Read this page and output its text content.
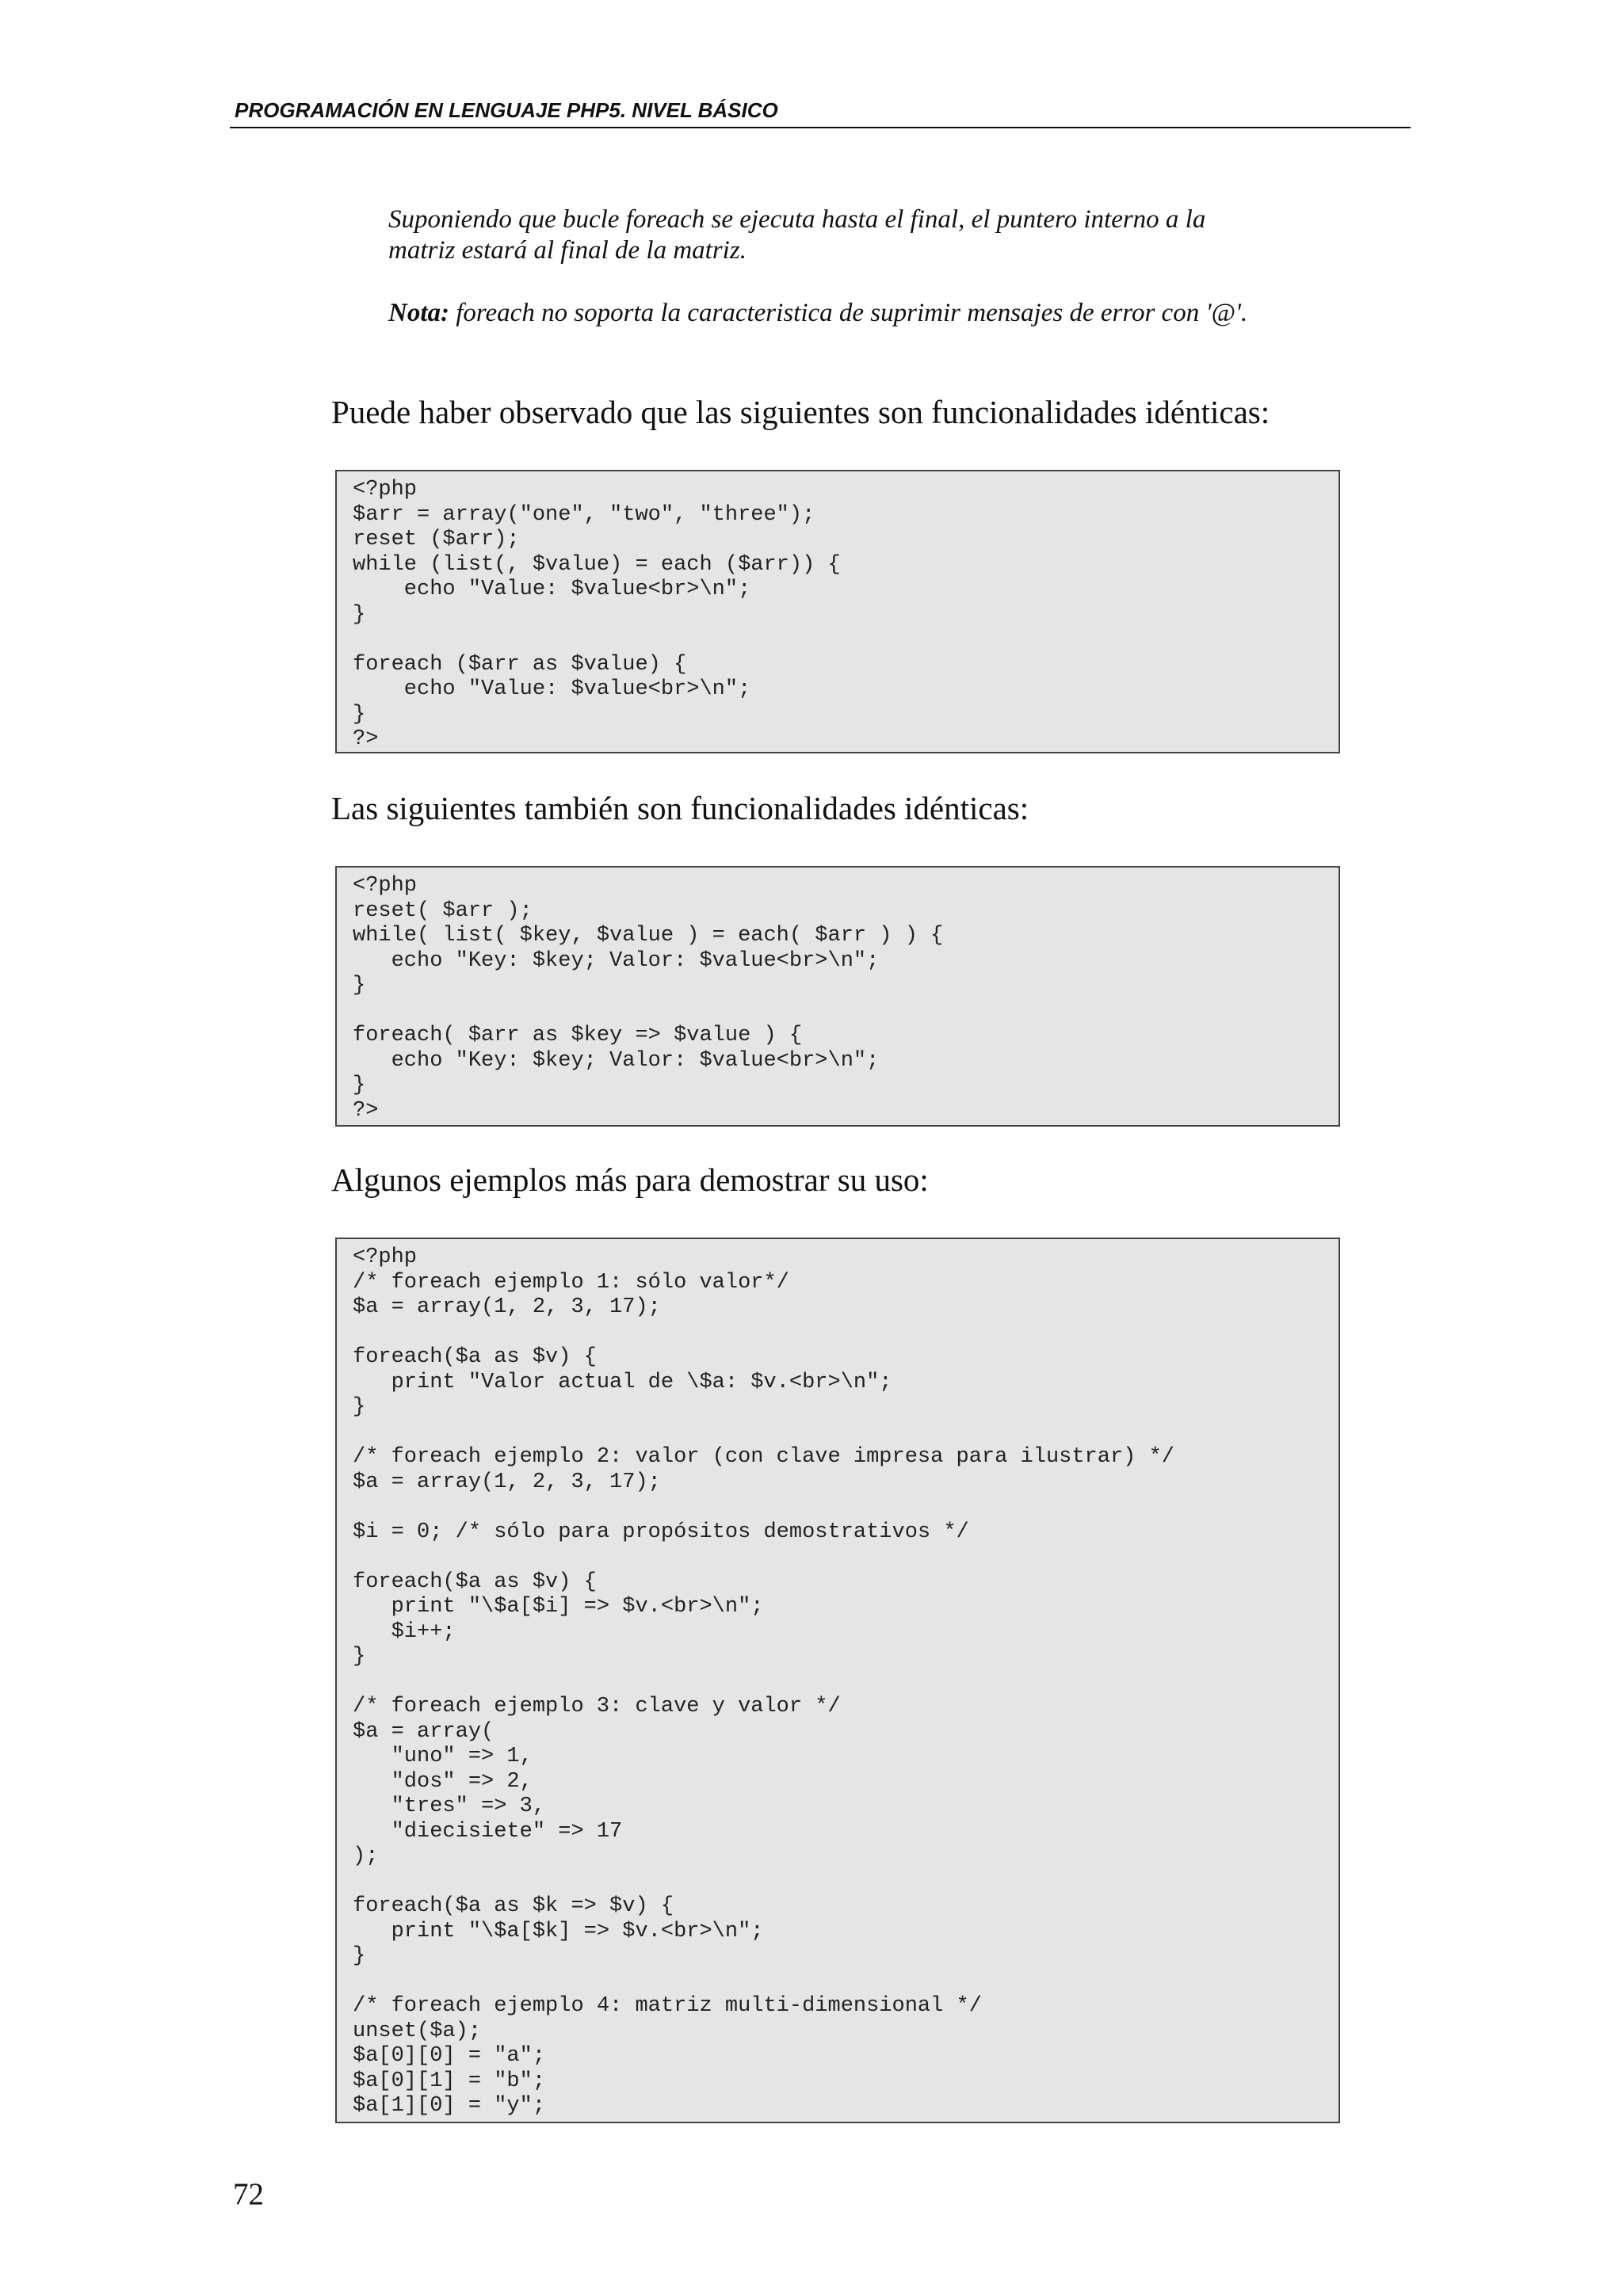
PROGRAMACIÓN EN LENGUAJE PHP5. NIVEL BÁSICO
Suponiendo que bucle foreach se ejecuta hasta el final, el puntero interno a la matriz estará al final de la matriz.
Nota: foreach no soporta la caracteristica de suprimir mensajes de error con '@'.
Puede haber observado que las siguientes son funcionalidades idénticas:
<?php
$arr = array("one", "two", "three");
reset ($arr);
while (list(, $value) = each ($arr)) {
echo "Value: $value<br>\n";
}

foreach ($arr as $value) {
echo "Value: $value<br>\n";
}
?>
Las siguientes también son funcionalidades idénticas:
<?php
reset( $arr );
while( list( $key, $value ) = each( $arr ) ) {
echo "Key: $key; Valor: $value<br>\n";
}

foreach( $arr as $key => $value ) {
echo "Key: $key; Valor: $value<br>\n";
}
?>
Algunos ejemplos más para demostrar su uso:
<?php
/* foreach ejemplo 1: sólo valor*/
$a = array(1, 2, 3, 17);

foreach($a as $v) {
print "Valor actual de \$a: $v.<br>\n";
}

/* foreach ejemplo 2: valor (con clave impresa para ilustrar) */
$a = array(1, 2, 3, 17);

$i = 0; /* sólo para propósitos demostrativos */

foreach($a as $v) {
print "\$a[$i] => $v.<br>\n";
$i++;
}

/* foreach ejemplo 3: clave y valor */
$a = array(
"uno" => 1,
"dos" => 2,
"tres" => 3,
"diecisiete" => 17
);

foreach($a as $k => $v) {
print "\$a[$k] => $v.<br>\n";
}

/* foreach ejemplo 4: matriz multi-dimensional */
unset($a);
$a[0][0] = "a";
$a[0][1] = "b";
$a[1][0] = "y";
72
